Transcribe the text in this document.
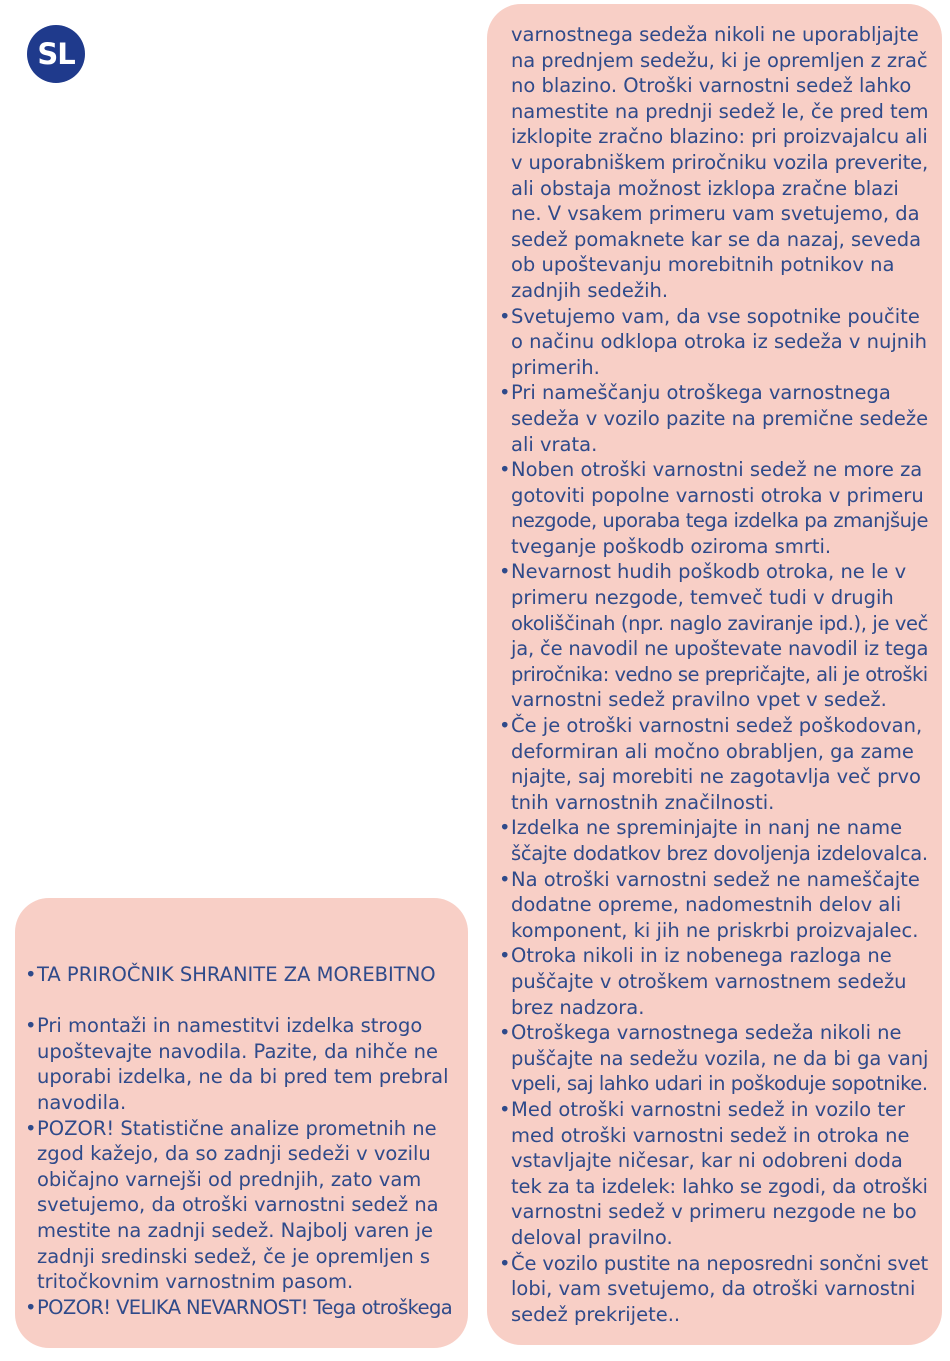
SL
• TA PRIROČNIK SHRANITE ZA MOREBITNO
• Pri montaži in namestitvi izdelka strogo
upoštevajte navodila. Pazite, da nihče ne
uporabi izdelka, ne da bi pred tem prebral
navodila.
• POZOR! Statistične analize prometnih ne
zgod kažejo, da so zadnji sedeži v vozilu
običajno varnejši od prednjih, zato vam
svetujemo, da otroški varnostni sedež na
mestite na zadnji sedež. Najbolj varen je
zadnji sredinski sedež, če je opremljen s
tritočkovnim varnostnim pasom.
• POZOR! VELIKA NEVARNOST! Tega otroškega
varnostnega sedeža nikoli ne uporabljajte
na prednjem sedežu, ki je opremljen z zrač
no blazino. Otroški varnostni sedež lahko
namestite na prednji sedež le, če pred tem
izklopite zračno blazino: pri proizvajalcu ali
v uporabniškem priročniku vozila preverite,
ali obstaja možnost izklopa zračne blazi
ne. V vsakem primeru vam svetujemo, da
sedež pomaknete kar se da nazaj, seveda
ob upoštevanju morebitnih potnikov na
zadnjih sedežih.
• Svetujemo vam, da vse sopotnike poučite
o načinu odklopa otroka iz sedeža v nujnih
primerih.
• Pri nameščanju otroškega varnostnega
sedeža v vozilo pazite na premične sedeže
ali vrata.
• Noben otroški varnostni sedež ne more za
gotoviti popolne varnosti otroka v primeru
nezgode, uporaba tega izdelka pa zmanjšuje
tveganje poškodb oziroma smrti.
• Nevarnost hudih poškodb otroka, ne le v
primeru nezgode, temveč tudi v drugih
okoliščinah (npr. naglo zaviranje ipd.), je več
ja, če navodil ne upoštevate navodil iz tega
priročnika: vedno se prepričajte, ali je otroški
varnostni sedež pravilno vpet v sedež.
• Če je otroški varnostni sedež poškodovan,
deformiran ali močno obrabljen, ga zame
njajte, saj morebiti ne zagotavlja več prvo
tnih varnostnih značilnosti.
• Izdelka ne spreminjajte in nanj ne name
ščajte dodatkov brez dovoljenja izdelovalca.
• Na otroški varnostni sedež ne nameščajte
dodatne opreme, nadomestnih delov ali
komponent, ki jih ne priskrbi proizvajalec.
• Otroka nikoli in iz nobenega razloga ne
puščajte v otroškem varnostnem sedežu
brez nadzora.
• Otroškega varnostnega sedeža nikoli ne
puščajte na sedežu vozila, ne da bi ga vanj
vpeli, saj lahko udari in poškoduje sopotnike.
• Med otroški varnostni sedež in vozilo ter
med otroški varnostni sedež in otroka ne
vstavljajte ničesar, kar ni odobreni doda
tek za ta izdelek: lahko se zgodi, da otroški
varnostni sedež v primeru nezgode ne bo
deloval pravilno.
• Če vozilo pustite na neposredni sončni svet
lobi, vam svetujemo, da otroški varnostni
sedež prekrijete..
